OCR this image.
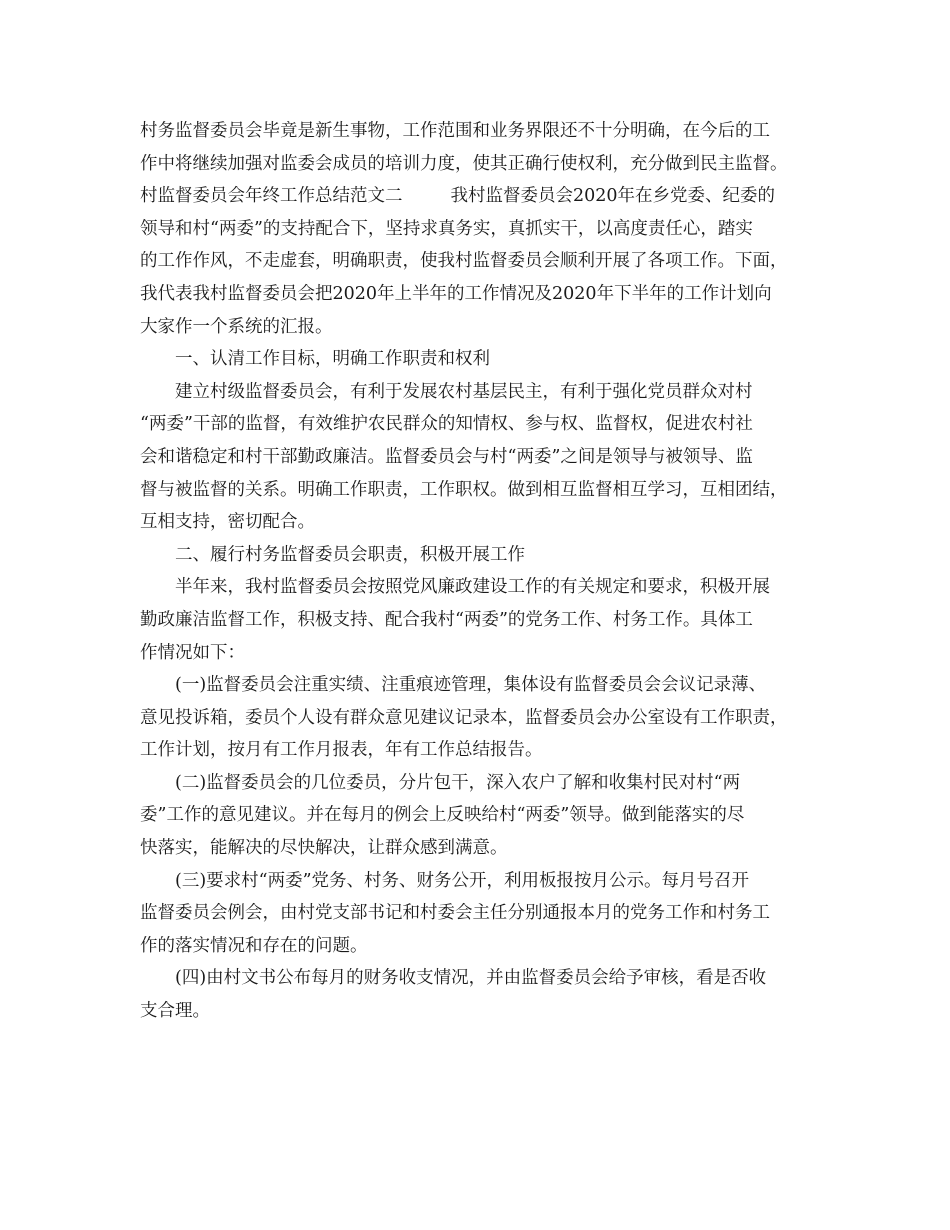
村务监督委员会毕竟是新生事物，工作范围和业务界限还不十分明确，在今后的工
作中将继续加强对监委会成员的培训力度，使其正确行使权利，充分做到民主监督。
村监督委员会年终工作总结范文二	我村监督委员会2020年在乡党委、纪委的
领导和村“两委”的支持配合下，坚持求真务实，真抓实干，以高度责任心，踏实
的工作作风，不走虚套，明确职责，使我村监督委员会顺利开展了各项工作。下面，
我代表我村监督委员会把2020年上半年的工作情况及2020年下半年的工作计划向
大家作一个系统的汇报。
一、认清工作目标，明确工作职责和权利
建立村级监督委员会，有利于发展农村基层民主，有利于强化党员群众对村
“两委”干部的监督，有效维护农民群众的知情权、参与权、监督权，促进农村社
会和谐稳定和村干部勤政廉洁。监督委员会与村“两委”之间是领导与被领导、监
督与被监督的关系。明确工作职责，工作职权。做到相互监督相互学习，互相团结，
互相支持，密切配合。
二、履行村务监督委员会职责，积极开展工作
半年来，我村监督委员会按照党风廉政建设工作的有关规定和要求，积极开展
勤政廉洁监督工作，积极支持、配合我村“两委”的党务工作、村务工作。具体工
作情况如下：
(一)监督委员会注重实绩、注重痕迹管理，集体设有监督委员会会议记录薄、
意见投诉箱，委员个人设有群众意见建议记录本，监督委员会办公室设有工作职责，
工作计划，按月有工作月报表，年有工作总结报告。
(二)监督委员会的几位委员，分片包干，深入农户了解和收集村民对村“两
委”工作的意见建议。并在每月的例会上反映给村“两委”领导。做到能落实的尽
快落实，能解决的尽快解决，让群众感到满意。
(三)要求村“两委”党务、村务、财务公开，利用板报按月公示。每月号召开
监督委员会例会，由村党支部书记和村委会主任分别通报本月的党务工作和村务工
作的落实情况和存在的问题。
(四)由村文书公布每月的财务收支情况，并由监督委员会给予审核，看是否收
支合理。
